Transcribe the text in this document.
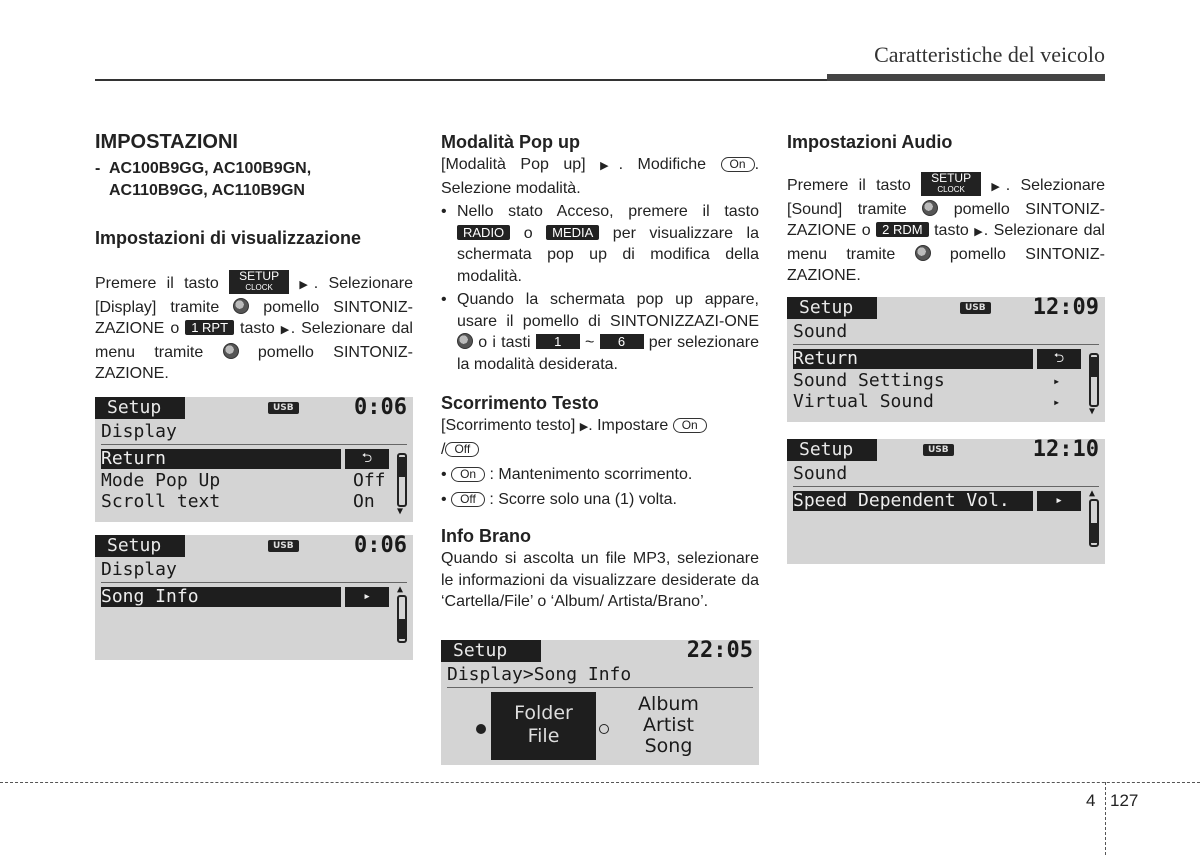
Caratteristiche del veicolo
IMPOSTAZIONI
- AC100B9GG, AC100B9GN,
AC110B9GG, AC110B9GN
Impostazioni di visualizzazione

Premere il tasto	SETUP
CLOCK	▶. Selezionare [Display] tramite	pomello SINTONIZ-ZAZIONE o 1 RPT tasto ▶. Selezionare dal menu tramite	pomello SINTONIZ-ZAZIONE.

Setup	USB	0:06
Display
Return	⮌
Mode Pop Up	Off
Scroll text	On ▼
Setup	USB	0:06
Display
Song Info	▸	▲
Modalità Pop up

[Modalità Pop up] ▶. Modifiche On . Selezione modalità.

• Nello stato Acceso, premere il tasto RADIO o MEDIA per visualizzare la schermata pop up di modifica della modalità.
• Quando la schermata pop up appare, usare il pomello di SINTONIZZAZI-ONE  o i tasti 1 ~ 6 per selezionare la modalità desiderata.
Scorrimento Testo

[Scorrimento testo] ▶. Impostare On
/ Off

• On : Mantenimento scorrimento.

• Off : Scorre solo una (1) volta.

Info Brano

Quando si ascolta un file MP3, selezionare le informazioni da visualizzare desiderate da ‘Cartella/File’ o ‘Album/ Artista/Brano’.

Setup	22:05
Display>Song Info
Folder
File
Album
Artist
Song
Impostazioni Audio

Premere il tasto	SETUP
CLOCK	▶. Selezionare [Sound] tramite	pomello SINTONIZ-ZAZIONE o 2 RDM tasto ▶. Selezionare dal menu tramite	pomello SINTONIZ-ZAZIONE.

Setup	USB 12:09
Sound
Return	⮌
Sound Settings	▸
Virtual Sound	▸
▼
Setup	USB	12:10
Sound
Speed Dependent Vol.	▸	▲
4 127
